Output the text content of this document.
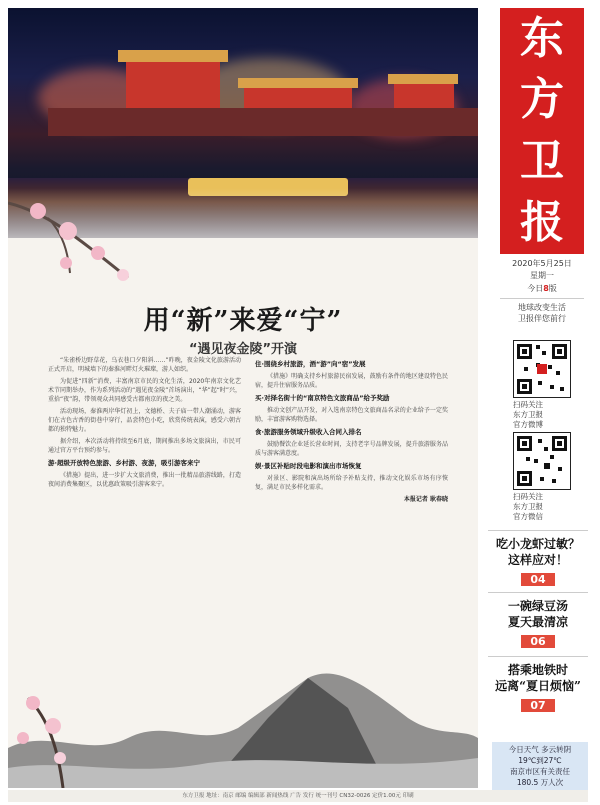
用“新”来爱“宁”
“遇见夜金陵”开演

“朱雀桥边野草花，乌衣巷口夕阳斜……”昨晚，夜金陵文化旅游活动正式开启，明城墙下的秦淮河畔灯火璀璨，游人如织。

为促进“四新”消费，丰富南京市民的文化生活，2020年南京文化艺术节同期举办，作为系列活动的“遇见夜金陵”首场演出，“华”起“时”兴，重拾“夜”韵，带领观众共同感受古都南京的夜之美。

活动现场，秦淮两岸华灯初上，文德桥、夫子庙一带人潮涌动，游客们在古色古香的街巷中穿行，品尝特色小吃，欣赏传统表演，感受六朝古都的独特魅力。

据介绍，本次活动将持续至6月底，期间推出多场文旅演出，市民可通过官方平台预约参与。

游·超级开放特色旅游、乡村游、夜游，吸引游客来宁

《措施》提出，进一步扩大文旅消费，推出一批精品旅游线路，打造夜间消费集聚区，以优惠政策吸引游客来宁。

住·围绕乡村旅游，酒“游”向“宿”发展

《措施》明确支持乡村旅游民宿发展，鼓励有条件的地区建设特色民宿，提升住宿服务品质。

买·对择名街十的“南京特色文旅商品”给予奖励

推动文创产品开发，对入选南京特色文旅商品名录的企业给予一定奖励，丰富游客购物选择。

食·旅游服务领域升级收入合同入排名

鼓励餐饮企业延长营业时间，支持老字号品牌发展，提升旅游服务品质与游客满意度。

娱·景区补贴时段电影和演出市场恢复

对景区、影院和演出场所给予补贴支持，推动文化娱乐市场有序恢复，满足市民多样化需求。

本报记者 耿春晓

东
方
卫
报
2020年5月25日
星期一
今日8版
地球改变生活
卫报伴您前行
扫码关注
东方卫报
官方微博
扫码关注
东方卫报
官方微信
吃小龙虾过敏？
这样应对！
04
一碗绿豆汤
夏天最清凉
06
搭乘地铁时
远离“夏日烦恼”
07
今日天气 多云转阴
19℃到27℃
南京市区有关责任
180.5 万人次
东方卫报 地址：南京 邮编 编辑部 新闻热线 广告 发行 统一刊号 CN32-0026 定价1.00元 印刷
